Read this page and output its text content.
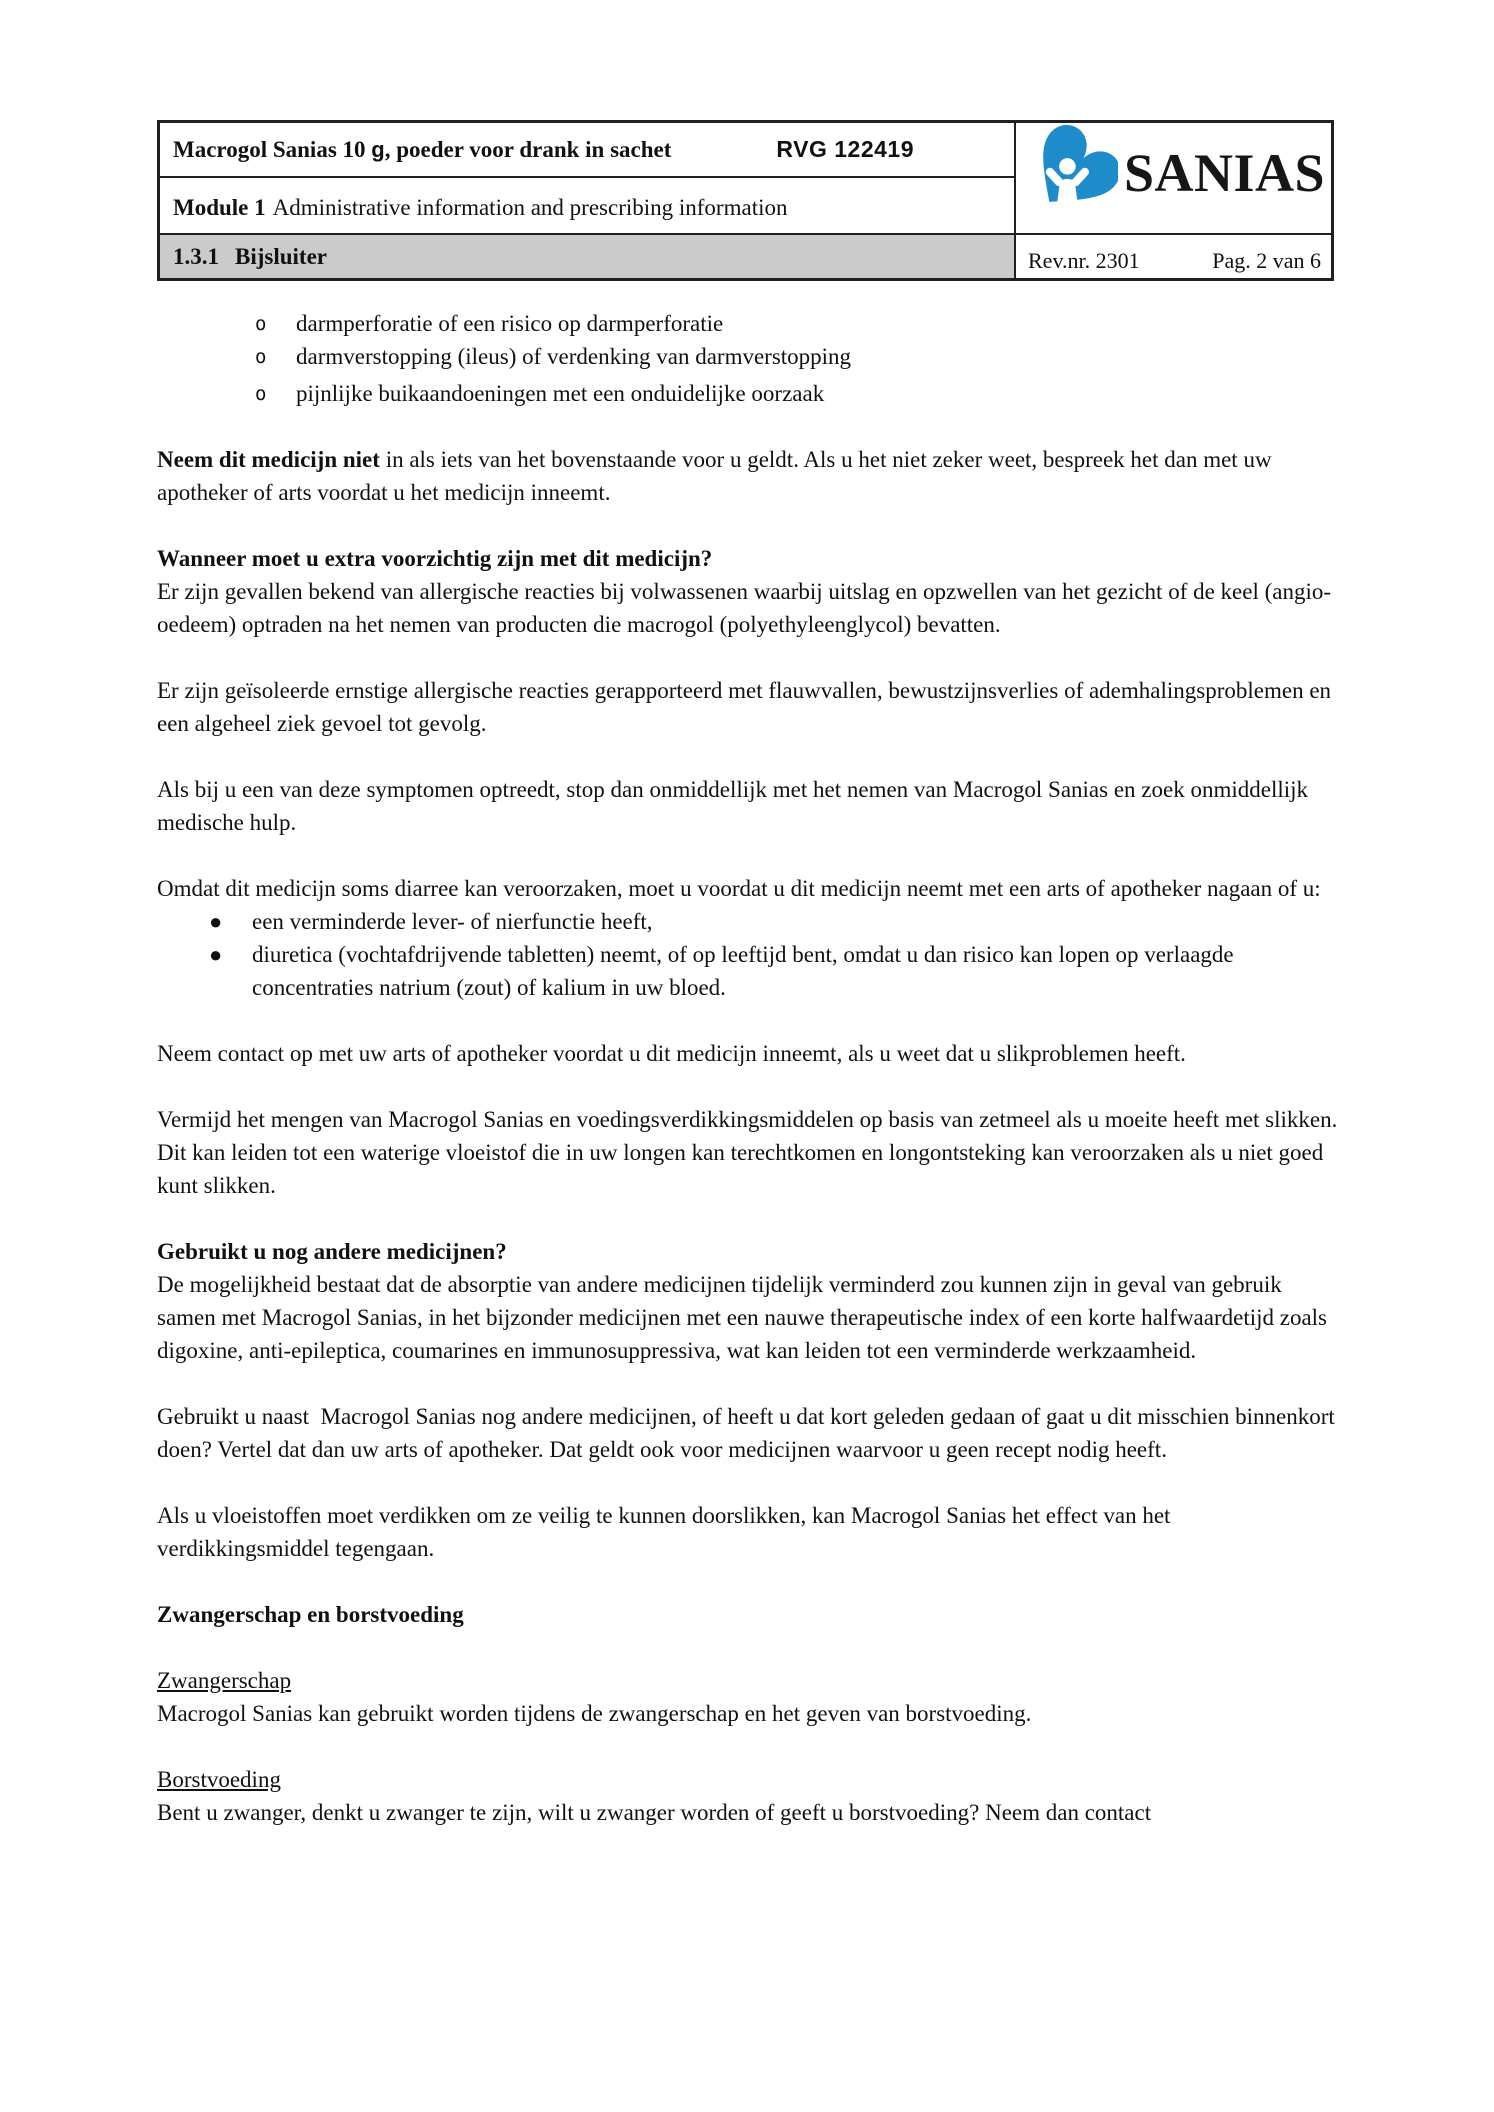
Macrogol Sanias 10 g, poeder voor drank in sachet	RVG 122419	SANIAS
Module 1 Administrative information and prescribing information
1.3.1 Bijsluiter	Rev.nr. 2301	Pag. 2 van 6
o darmperforatie of een risico op darmperforatie
o darmverstopping (ileus) of verdenking van darmverstopping
o pijnlijke buikaandoeningen met een onduidelijke oorzaak

Neem dit medicijn niet in als iets van het bovenstaande voor u geldt. Als u het niet zeker weet, bespreek het dan met uw apotheker of arts voordat u het medicijn inneemt.

Wanneer moet u extra voorzichtig zijn met dit medicijn?

Er zijn gevallen bekend van allergische reacties bij volwassenen waarbij uitslag en opzwellen van het gezicht of de keel (angio-oedeem) optraden na het nemen van producten die macrogol (polyethyleenglycol) bevatten.

Er zijn geïsoleerde ernstige allergische reacties gerapporteerd met flauwvallen, bewustzijnsverlies of ademhalingsproblemen en een algeheel ziek gevoel tot gevolg.

Als bij u een van deze symptomen optreedt, stop dan onmiddellijk met het nemen van Macrogol Sanias en zoek onmiddellijk medische hulp.

Omdat dit medicijn soms diarree kan veroorzaken, moet u voordat u dit medicijn neemt met een arts of apotheker nagaan of u:

● een verminderde lever- of nierfunctie heeft,
● diuretica (vochtafdrijvende tabletten) neemt, of op leeftijd bent, omdat u dan risico kan lopen op verlaagde concentraties natrium (zout) of kalium in uw bloed.

Neem contact op met uw arts of apotheker voordat u dit medicijn inneemt, als u weet dat u slikproblemen heeft.

Vermijd het mengen van Macrogol Sanias en voedingsverdikkingsmiddelen op basis van zetmeel als u moeite heeft met slikken. Dit kan leiden tot een waterige vloeistof die in uw longen kan terechtkomen en longontsteking kan veroorzaken als u niet goed kunt slikken.

Gebruikt u nog andere medicijnen?

De mogelijkheid bestaat dat de absorptie van andere medicijnen tijdelijk verminderd zou kunnen zijn in geval van gebruik samen met Macrogol Sanias, in het bijzonder medicijnen met een nauwe therapeutische index of een korte halfwaardetijd zoals digoxine, anti-epileptica, coumarines en immunosuppressiva, wat kan leiden tot een verminderde werkzaamheid.

Gebruikt u naast  Macrogol Sanias nog andere medicijnen, of heeft u dat kort geleden gedaan of gaat u dit misschien binnenkort doen? Vertel dat dan uw arts of apotheker. Dat geldt ook voor medicijnen waarvoor u geen recept nodig heeft.

Als u vloeistoffen moet verdikken om ze veilig te kunnen doorslikken, kan Macrogol Sanias het effect van het verdikkingsmiddel tegengaan.

Zwangerschap en borstvoeding

Zwangerschap

Macrogol Sanias kan gebruikt worden tijdens de zwangerschap en het geven van borstvoeding.

Borstvoeding

Bent u zwanger, denkt u zwanger te zijn, wilt u zwanger worden of geeft u borstvoeding? Neem dan contact
